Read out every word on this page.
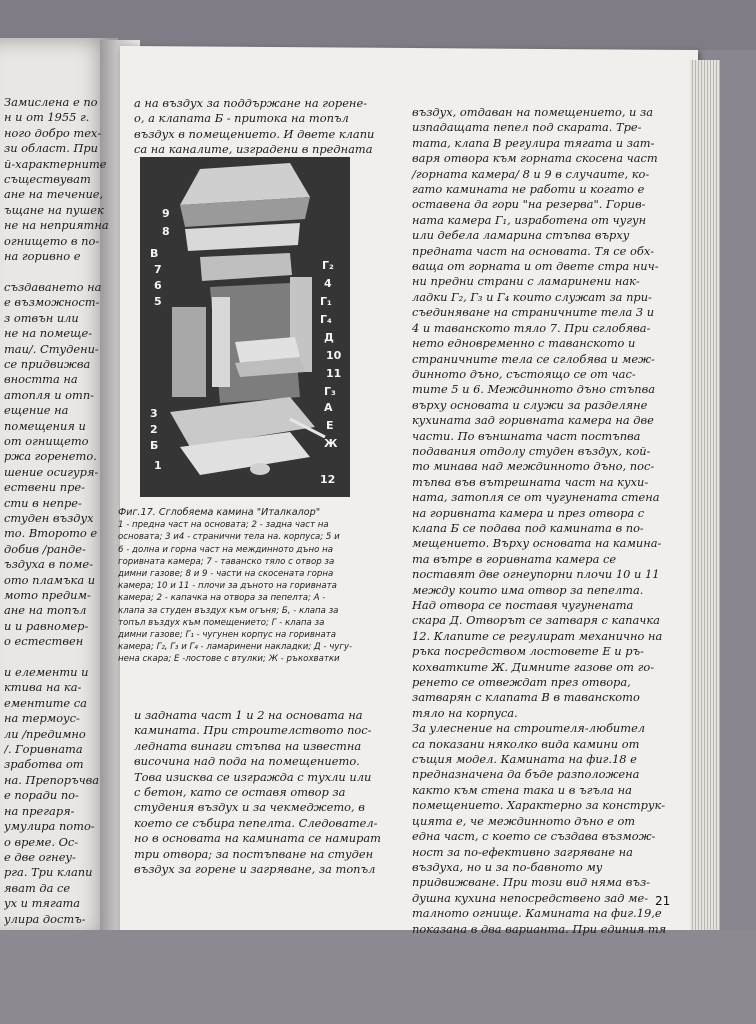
Замислена е по

н и от 1955 г.

ного добро тех-

зи област. При

й-характерните

съществуват

ане на течение,

ъщане на пушек

не на неприятна

огнището в по-

на горивно е

създаването на

е възможност-

з отвън или

не на помеще-

mau/. Студени-

се придвижва

вността на

атопля и отп-

ещение на

помещения и

от огнището

ржа горенето.

шение осигуря-

ествени пре-

сти в непре-

студен въздух

то. Второто е

добив /ранде-

ъздуха в поме-

ото пламъка и

мото предим-

ане на топъл

и и равномер-

о естествен

и елементи и

ктива на ка-

ементите са

на термоус-

ли /предимно

/. Горивната

зработва от

на. Препоръчва

е поради по-

на прегаря-

умулира пото-

о време. Ос-

е две огнеу-

рга. Три клапи

яват да се

ух и тягата

улира достъ-

а на въздух за поддържане на горене-

о, а клапата Б - притока на топъл

въздух в помещението. И двете клапи

са на каналите, изградени в предната

9
8
В
7
6
5
3
2
Б
1
Г₂
4
Г₁
Г₄
Д
10
11
Г₃
А
Е
Ж
12

Фиг.17. Сглобяема камина "Италкалор"

1 - предна част на основата; 2 - задна част на

основата; 3 и4 - странични тела на. корпуса; 5 и

6 - долна и горна част на междинното дъно на

горивната камера; 7 - таванско тяло с отвор за

димни газове; 8 и 9 - части на скосената горна

камера; 10 и 11 - плочи за дъното на горивната

камера; 2 - капачка на отвора за пепелта; А -

клапа за студен въздух към огъня; Б, - клапа за

топъл въздух към помещението; Г - клапа за

димни газове; Г₁ - чугунен корпус на горивната

камера; Г₂, Г₃ и Г₄ - ламаринени накладки; Д - чугу-

нена скара; Е -лостове с втулки; Ж - ръкохватки

и задната част 1 и 2 на основата на

камината. При строителството пос-

ледната винаги стъпва на известна

височина над пода на помещението.

Това изисква се изгражда с тухли или

с бетон, като се оставя отвор за

студения въздух и за чекмеджето, в

което се събира пепелта. Следовател-

но в основата на камината се намират

три отвора; за постъпване на студен

въздух за горене и загряване, за топъл

въздух, отдаван на помещението, и за

изпадащата пепел под скарата. Тре-

тата, клапа В регулира тягата и зат-

варя отвора към горната скосена част

/горната камера/ 8 и 9 в случаите, ко-

гато камината не работи и когато е

оставена да гори "на резерва". Горив-

ната камера Г₁, изработена от чугун

или дебела ламарина стъпва върху

предната част на основата. Тя се обх-

ваща от горната и от двете стра нич-

ни предни страни с ламаринени нак-

ладки Г₂, Г₃ и Г₄ които служат за при-

съединяване на страничните тела 3 и

4 и таванското тяло 7. При сглобява-

нето едновременно с таванското и

страничните тела се сглобява и меж-

динното дъно, състоящо се от час-

тите 5 и 6. Междинното дъно стъпва

върху основата и служи за разделяне

кухината зад горивната камера на две

части. По външната част постъпва

подавания отдолу студен въздух, кой-

то минава над междинното дъно, пос-

тъпва във вътрешната част на кухи-

ната, затопля се от чугунената стена

на горивната камера и през отвора с

клапа Б се подава под камината в по-

мещението. Върху основата на камина-

та вътре в горивната камера се

поставят две огнеупорни плочи 10 и 11

между които има отвор за пепелта.

Над отвора се поставя чугунената

скара Д. Отворът се затваря с капачка

12. Клапите се регулират механично на

ръка посредством лостовете Е и ръ-

кохватките Ж. Димните газове от го-

ренето се отвеждат през отвора,

затварян с клапата В в таванското

тяло на корпуса.

За улеснение на строителя-любител

са показани няколко вида камини от

същия модел. Камината на фиг.18 е

предназначена да бъде разположена

както към стена така и в ъгъла на

помещението. Характерно за конструк-

цията е, че междинното дъно е от

една част, с което се създава възмож-

ност за по-ефективно загряване на

въздуха, но и за по-бавното му

придвижване. При този вид няма въз-

душна кухина непосредствено зад ме-

талното огнище. Камината на фиг.19,е

показана в два варианта. При единия тя

21
